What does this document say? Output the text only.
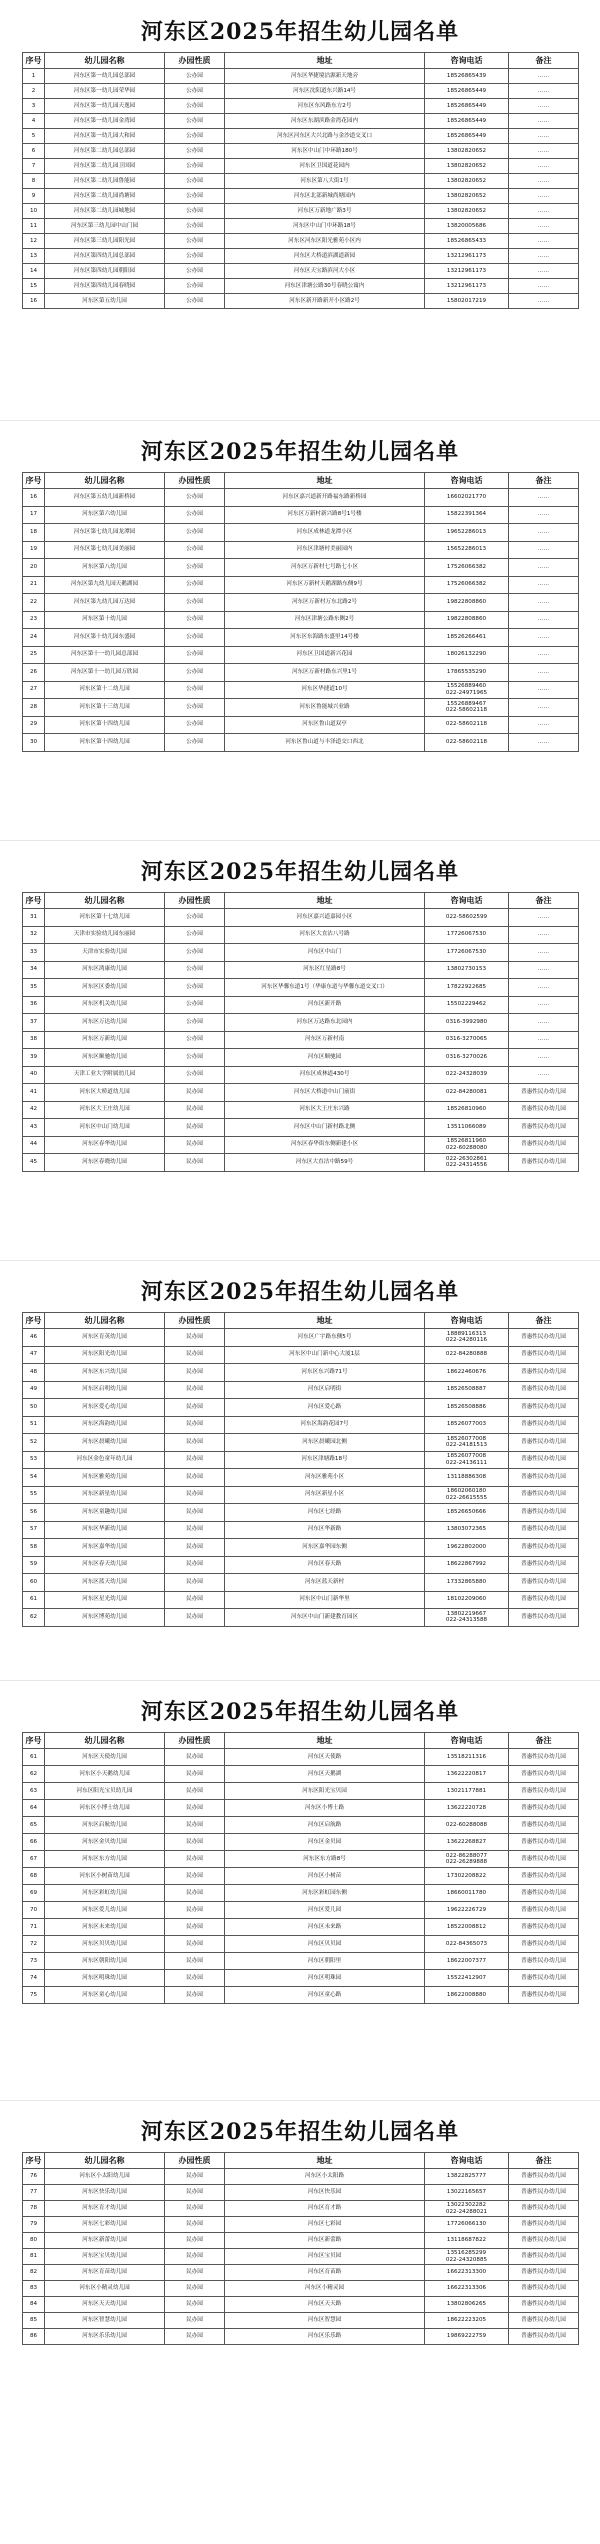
河东区2025年招生幼儿园名单
序号	幼儿园名称	办园性质	地址	咨询电话	备注
1	河东区第一幼儿园总部园	公办园	河东区华捷境沽源新天地旁	18526865439	……
2	河东区第一幼儿园荣华园	公办园	河东区沈阳道东兴路14号	18526865449	……
3	河东区第一幼儿园天逸园	公办园	河东区东风路东方2号	18526865449	……
4	河东区第一幼儿园金湾园	公办园	河东区东湖滨路金湾花园内	18526865449	……
5	河东区第一幼儿园大和园	公办园	河东区河东区大兴北路与金沙道交叉口	18526865449	……
6	河东区第二幼儿园总部园	公办园	河东区中山门中环路180号	13802820652	……
7	河东区第二幼儿园卫国园	公办园	河东区卫国道花园内	13802820652	……
8	河东区第二幼儿园鲁能园	公办园	河东区第八大街1号	13802820652	……
9	河东区第二幼儿园尚塘园	公办园	河东区北部新城尚塘园内	13802820652	……
10	河东区第二幼儿园城地园	公办园	河东区万新地广路3号	13802820652	……
11	河东区第三幼儿园中山门园	公办园	河东区中山门中环路18号	13820005686	……
12	河东区第三幼儿园阳光园	公办园	河东区河东区阳光雅苑小区内	18526865433	……
13	河东区第四幼儿园总部园	公办园	河东区大桥道滨湖道新园	13212961173	……
14	河东区第四幼儿园朝阳园	公办园	河东区天宝路滨河大小区	13212961173	……
15	河东区第四幼儿园春晓园	公办园	河东区津塘公路30号春晓公寓内	13212961173	……
16	河东区第五幼儿园	公办园	河东区新开路新开小区路2号	15802017219	……
河东区2025年招生幼儿园名单
序号	幼儿园名称	办园性质	地址	咨询电话	备注
16	河东区第五幼儿园新桥园	公办园	河东区嘉兴道新开路福东路新桥园	16602021770	……
17	河东区第六幼儿园	公办园	河东区万新村新兴路8号1号楼	15822391364	……
18	河东区第七幼儿园龙潭园	公办园	河东区成林道龙潭小区	19652286013	……
19	河东区第七幼儿园美丽园	公办园	河东区津塘村美丽园内	15652286013	……
20	河东区第八幼儿园	公办园	河东区万新村七号路七小区	17526066382	……
21	河东区第九幼儿园天鹅湖园	公办园	河东区万新村天鹅湖路东侧9号	17526066382	……
22	河东区第九幼儿园万达园	公办园	河东区万新村万东北路2号	19822808860	……
23	河东区第十幼儿园	公办园	河东区津塘公路东侧2号	19822808860	……
24	河东区第十幼儿园东盛园	公办园	河东区东海路东盛里14号楼	18526266461	……
25	河东区第十一幼儿园总部园	公办园	河东区卫国道新兴花园	18026132290	……
26	河东区第十一幼儿园万欣园	公办园	河东区万新村路东兴里1号	17865535290	……
27	河东区第十二幼儿园	公办园	河东区华捷道10号	15526889460
022-24971965	……
28	河东区第十三幼儿园	公办园	河东区鲁能城兴业路	15526889467
022-58602118	……
29	河东区第十四幼儿园	公办园	河东区鲁山道双亭	022-58602118	……
30	河东区第十四幼儿园	公办园	河东区鲁山道与丰泽道交口西北	022-58602118	……
河东区2025年招生幼儿园名单
序号	幼儿园名称	办园性质	地址	咨询电话	备注
31	河东区第十七幼儿园	公办园	河东区嘉兴道嘉园小区	022-58602599	……
32	天津市实验幼儿园东丽园	公办园	河东区大直沽八号路	17726067530	……
33	天津市实验幼儿园	公办园	河东区中山门	17726067530	……
34	河东区鸿康幼儿园	公办园	河东区红星路8号	13802730153	……
35	河东区区委幼儿园	公办园	河东区华馨东道1号（华康东道与华馨东道交叉口）	17822922685	……
36	河东区机关幼儿园	公办园	河东区新开路	15502229462	……
37	河东区万达幼儿园	公办园	河东区万达路东北园内	0316-3992980	……
38	河东区万新幼儿园	公办园	河东区万新村南	0316-3270065	……
39	河东区顺驰幼儿园	公办园	河东区顺驰园	0316-3270026	……
40	天津工业大学附属幼儿园	公办园	河东区成林道430号	022-24328039	……
41	河东区大桥道幼儿园	民办园	河东区大桥道中山门前街	022-84280081	普惠性民办幼儿园
42	河东区大王庄幼儿园	民办园	河东区大王庄东兴路	18526810960	普惠性民办幼儿园
43	河东区中山门幼儿园	民办园	河东区中山门新村路北侧	13511066089	普惠性民办幼儿园
44	河东区春华幼儿园	民办园	河东区春华街东侧新建小区	18526811960
022-60288080	普惠性民办幼儿园
45	河东区春晓幼儿园	民办园	河东区大直沽中路59号	022-26302861
022-24314556	普惠性民办幼儿园
河东区2025年招生幼儿园名单
序号	幼儿园名称	办园性质	地址	咨询电话	备注
46	河东区育英幼儿园	民办园	河东区广宇路东侧5号	18889116313
022-24280116	普惠性民办幼儿园
47	河东区阳光幼儿园	民办园	河东区中山门新中心大厦1层	022-84280888	普惠性民办幼儿园
48	河东区东兴幼儿园	民办园	河东区东兴路71号	18622460676	普惠性民办幼儿园
49	河东区启明幼儿园	民办园	河东区启明街	18526508887	普惠性民办幼儿园
50	河东区爱心幼儿园	民办园	河东区爱心路	18526508886	普惠性民办幼儿园
51	河东区海韵幼儿园	民办园	河东区海韵花园7号	18526077003	普惠性民办幼儿园
52	河东区晨曦幼儿园	民办园	河东区晨曦园北侧	18526077008
022-24181513	普惠性民办幼儿园
53	河东区金色童年幼儿园	民办园	河东区津塘路18号	18526077008
022-24136111	普惠性民办幼儿园
54	河东区雅苑幼儿园	民办园	河东区雅苑小区	13118886308	普惠性民办幼儿园
55	河东区新星幼儿园	民办园	河东区新星小区	18602060180
022-26615555	普惠性民办幼儿园
56	河东区童趣幼儿园	民办园	河东区七经路	18526650666	普惠性民办幼儿园
57	河东区华新幼儿园	民办园	河东区华新路	13803072365	普惠性民办幼儿园
58	河东区嘉华幼儿园	民办园	河东区嘉华园东侧	19622802000	普惠性民办幼儿园
59	河东区春天幼儿园	民办园	河东区春天路	18622867992	普惠性民办幼儿园
60	河东区蓝天幼儿园	民办园	河东区蓝天新村	17332865880	普惠性民办幼儿园
61	河东区星光幼儿园	民办园	河东区中山门新华里	18102209060	普惠性民办幼儿园
62	河东区博苑幼儿园	民办园	河东区中山门新建教育园区	13802219667
022-24313588	普惠性民办幼儿园
河东区2025年招生幼儿园名单
序号	幼儿园名称	办园性质	地址	咨询电话	备注
61	河东区天使幼儿园	民办园	河东区天使路	13518211316	普惠性民办幼儿园
62	河东区小天鹅幼儿园	民办园	河东区天鹅湖	13622220817	普惠性民办幼儿园
63	河东区阳光宝贝幼儿园	民办园	河东区阳光宝贝园	13021177881	普惠性民办幼儿园
64	河东区小博士幼儿园	民办园	河东区小博士路	13622220728	普惠性民办幼儿园
65	河东区启航幼儿园	民办园	河东区启航路	022-60288088	普惠性民办幼儿园
66	河东区金贝幼儿园	民办园	河东区金贝园	13622268827	普惠性民办幼儿园
67	河东区东方幼儿园	民办园	河东区东方路8号	022-86288077
022-26289888	普惠性民办幼儿园
68	河东区小树苗幼儿园	民办园	河东区小树苗	17302208822	普惠性民办幼儿园
69	河东区彩虹幼儿园	民办园	河东区彩虹园东侧	18660011780	普惠性民办幼儿园
70	河东区爱儿幼儿园	民办园	河东区爱儿园	19622226729	普惠性民办幼儿园
71	河东区未来幼儿园	民办园	河东区未来路	18522008812	普惠性民办幼儿园
72	河东区贝贝幼儿园	民办园	河东区贝贝园	022-84365073	普惠性民办幼儿园
73	河东区朝阳幼儿园	民办园	河东区朝阳里	18622007377	普惠性民办幼儿园
74	河东区明珠幼儿园	民办园	河东区明珠园	15522412907	普惠性民办幼儿园
75	河东区童心幼儿园	民办园	河东区童心路	18622008880	普惠性民办幼儿园
河东区2025年招生幼儿园名单
序号	幼儿园名称	办园性质	地址	咨询电话	备注
76	河东区小太阳幼儿园	民办园	河东区小太阳路	13822825777	普惠性民办幼儿园
77	河东区快乐幼儿园	民办园	河东区快乐园	13022165657	普惠性民办幼儿园
78	河东区育才幼儿园	民办园	河东区育才路	13022302282
022-24288021	普惠性民办幼儿园
79	河东区七彩幼儿园	民办园	河东区七彩园	17726066130	普惠性民办幼儿园
80	河东区新蕾幼儿园	民办园	河东区新蕾路	13118687822	普惠性民办幼儿园
81	河东区宝贝幼儿园	民办园	河东区宝贝园	13516285299
022-24320885	普惠性民办幼儿园
82	河东区育苗幼儿园	民办园	河东区育苗路	16622313300	普惠性民办幼儿园
83	河东区小精灵幼儿园	民办园	河东区小精灵园	16622313306	普惠性民办幼儿园
84	河东区天天幼儿园	民办园	河东区天天路	13802806265	普惠性民办幼儿园
85	河东区智慧幼儿园	民办园	河东区智慧园	18622223205	普惠性民办幼儿园
86	河东区乐乐幼儿园	民办园	河东区乐乐路	19869222759	普惠性民办幼儿园
